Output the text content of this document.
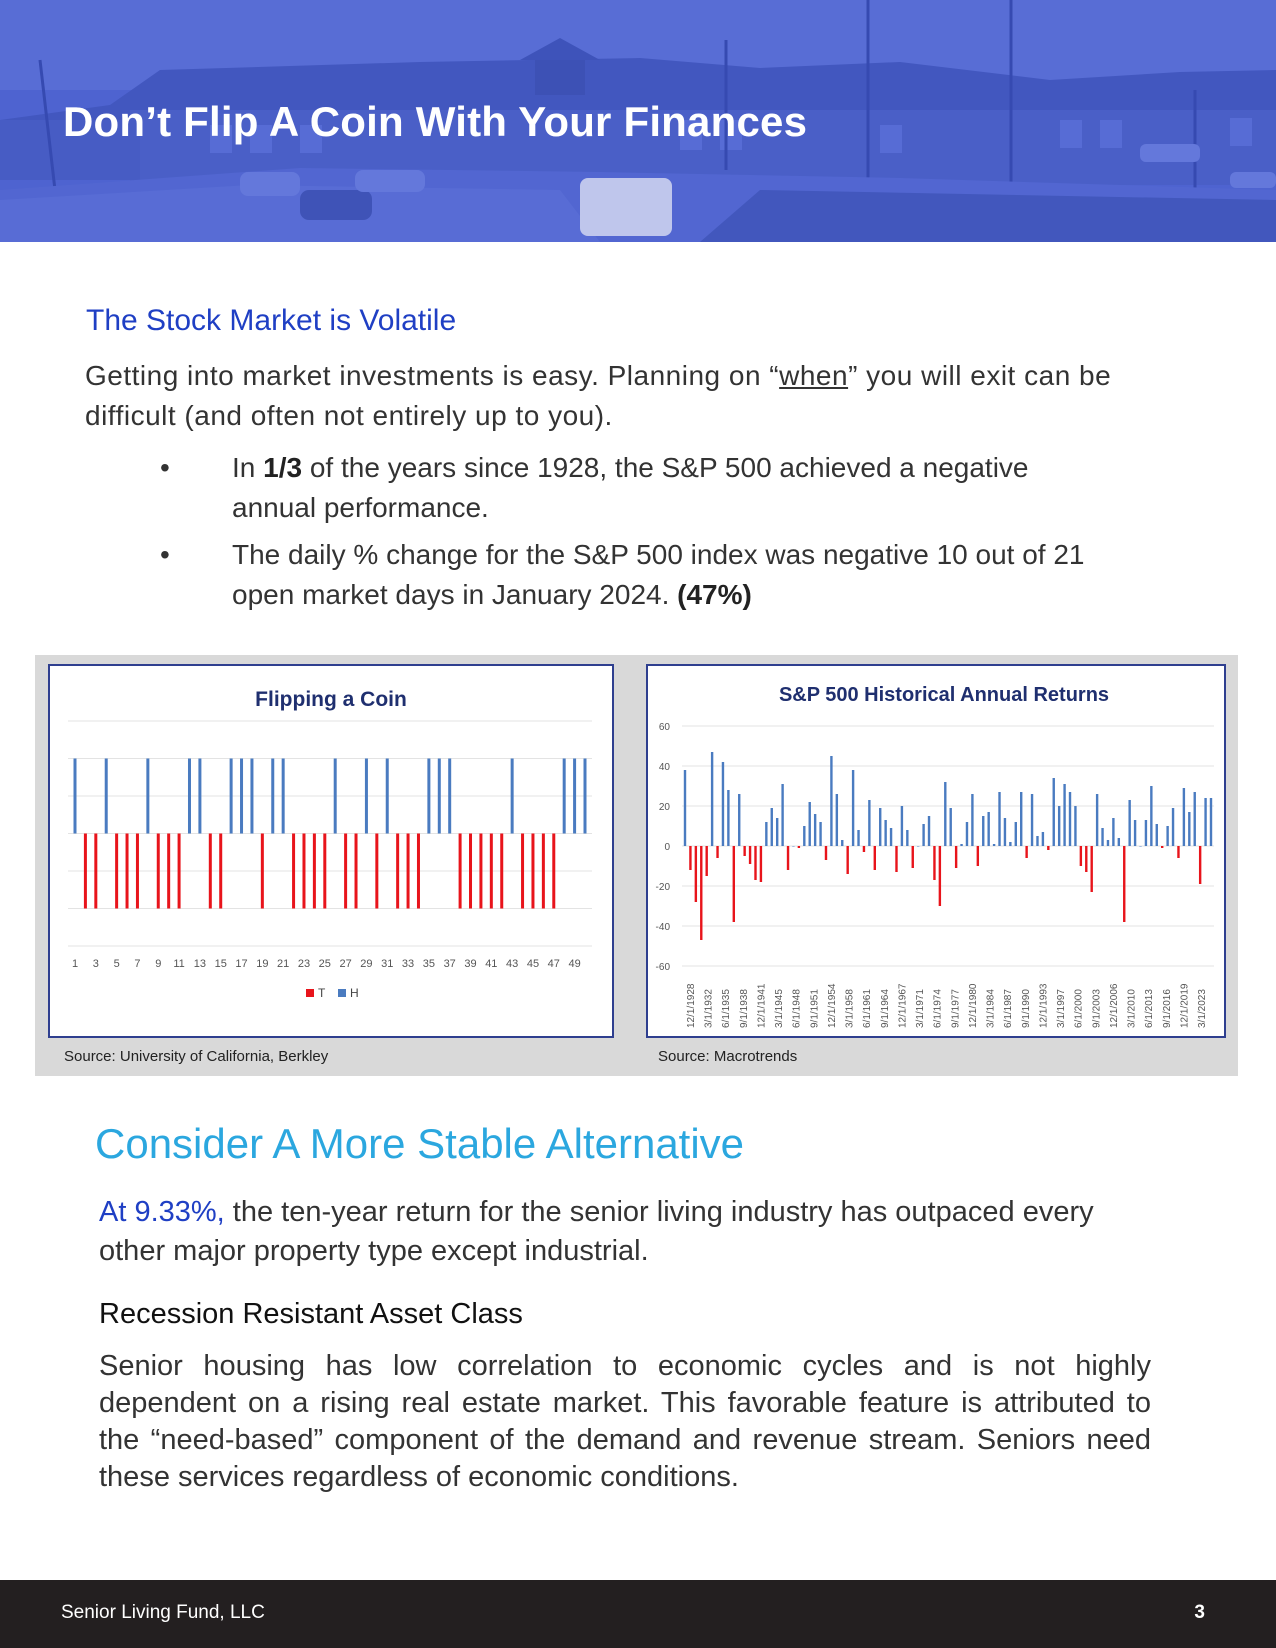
Don’t Flip A Coin With Your Finances
The Stock Market is Volatile

Getting into market investments is easy. Planning on “when” you will exit can be difficult (and often not entirely up to you).

• In 1/3 of the years since 1928, the S&P 500 achieved a negative annual performance.
• The daily % change for the S&P 500 index was negative 10 out of 21 open market days in January 2024. (47%)
Flipping a Coin
1 3 5 7 9 11 13 15 17 19 21 23 25 27 29 31 33 35 37 39 41 43 45 47 49
T H
S&P 500 Historical Annual Returns
60
40
20
0
-20
-40
-60
12/1/1928 3/1/1932 6/1/1935 9/1/1938 12/1/1941 3/1/1945 6/1/1948 9/1/1951 12/1/1954 3/1/1958 6/1/1961 9/1/1964 12/1/1967 3/1/1971 6/1/1974 9/1/1977 12/1/1980 3/1/1984 6/1/1987 9/1/1990 12/1/1993 3/1/1997 6/1/2000 9/1/2003 12/1/2006 3/1/2010 6/1/2013 9/1/2016 12/1/2019 3/1/2023
Source: University of California, Berkley	Source: Macrotrends
Consider A More Stable Alternative

At 9.33%, the ten-year return for the senior living industry has outpaced every other major property type except industrial.

Recession Resistant Asset Class

Senior housing has low correlation to economic cycles and is not highly dependent on a rising real estate market. This favorable feature is attributed to the “need-based” component of the demand and revenue stream. Seniors need these services regardless of economic conditions.

Senior Living Fund, LLC	3
